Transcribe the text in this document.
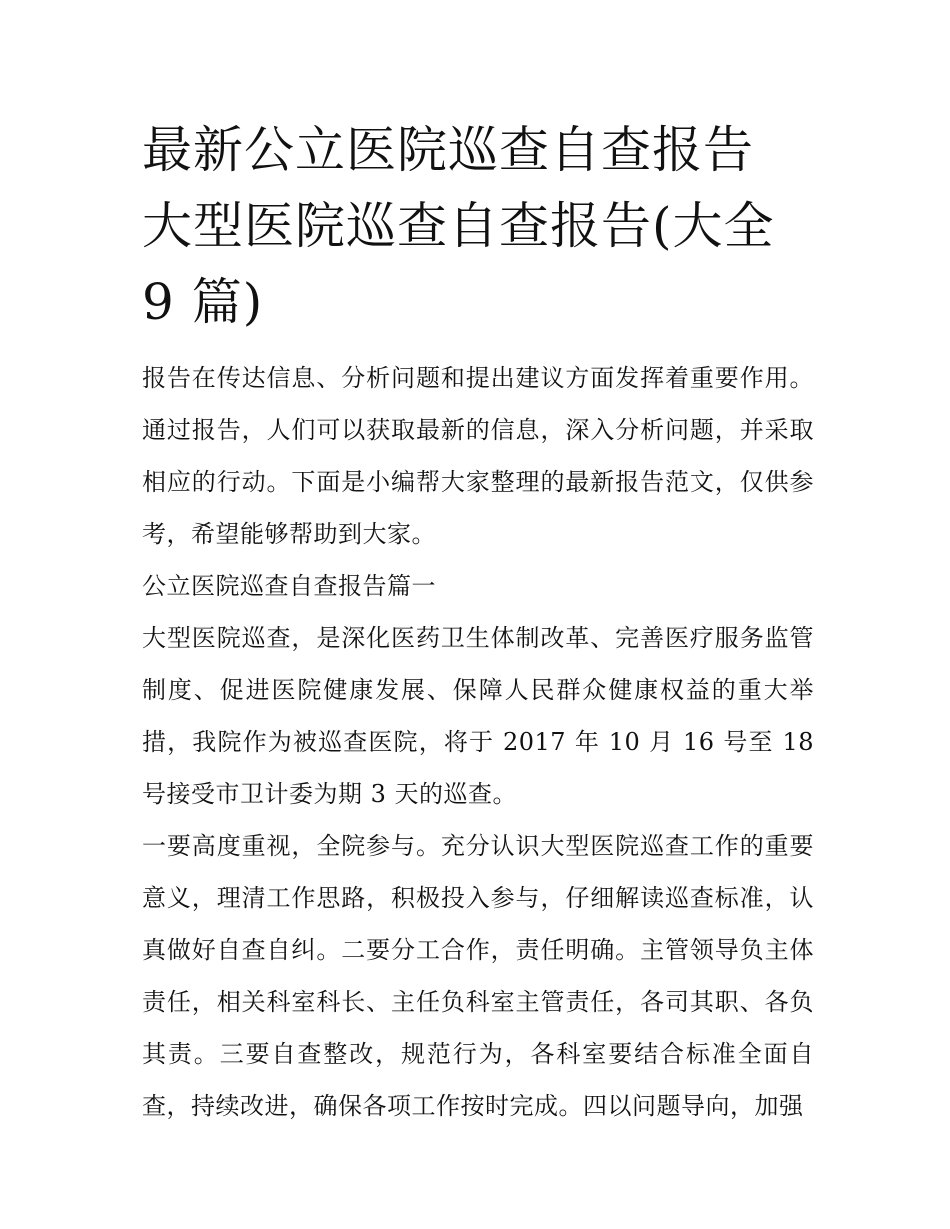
最新公立医院巡查自查报告 大型医院巡查自查报告(大全 9 篇)

报告在传达信息、分析问题和提出建议方面发挥着重要作用。通过报告，人们可以获取最新的信息，深入分析问题，并采取相应的行动。下面是小编帮大家整理的最新报告范文，仅供参考，希望能够帮助到大家。

公立医院巡查自查报告篇一

大型医院巡查，是深化医药卫生体制改革、完善医疗服务监管制度、促进医院健康发展、保障人民群众健康权益的重大举措，我院作为被巡查医院，将于 2017 年 10 月 16 号至 18 号接受市卫计委为期 3 天的巡查。

一要高度重视，全院参与。充分认识大型医院巡查工作的重要意义，理清工作思路，积极投入参与，仔细解读巡查标准，认真做好自查自纠。二要分工合作，责任明确。主管领导负主体责任，相关科室科长、主任负科室主管责任，各司其职、各负其责。三要自查整改，规范行为，各科室要结合标准全面自查，持续改进，确保各项工作按时完成。四以问题导向，加强
